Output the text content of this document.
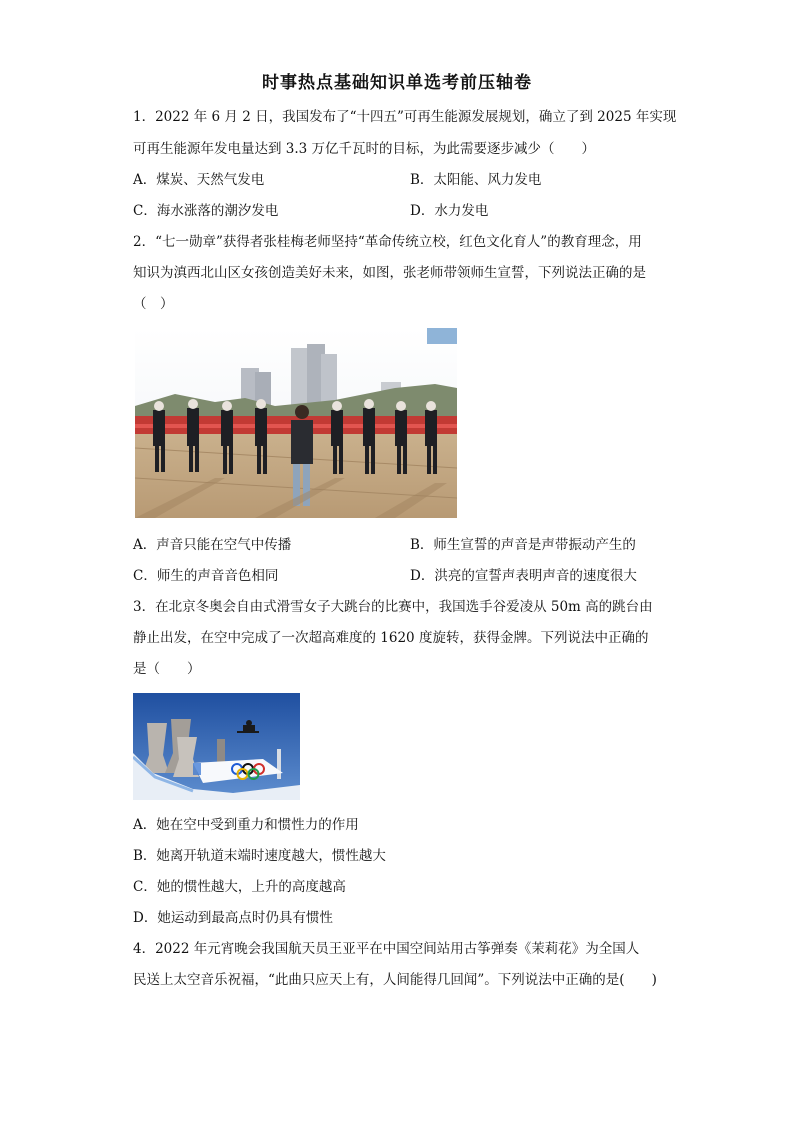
时事热点基础知识单选考前压轴卷
1．2022 年 6 月 2 日，我国发布了“十四五”可再生能源发展规划，确立了到 2025 年实现
可再生能源年发电量达到 3.3 万亿千瓦时的目标，为此需要逐步减少（　　）
A．煤炭、天然气发电	B．太阳能、风力发电
C．海水涨落的潮汐发电	D．水力发电
2．“七一勋章”获得者张桂梅老师坚持“革命传统立校，红色文化育人”的教育理念，用
知识为滇西北山区女孩创造美好未来，如图，张老师带领师生宣誓，下列说法正确的是
（　）
A．声音只能在空气中传播	B．师生宣誓的声音是声带振动产生的
C．师生的声音音色相同	D．洪亮的宣誓声表明声音的速度很大
3．在北京冬奥会自由式滑雪女子大跳台的比赛中，我国选手谷爱凌从 50m 高的跳台由
静止出发，在空中完成了一次超高难度的 1620 度旋转，获得金牌。下列说法中正确的
是（　　）
A．她在空中受到重力和惯性力的作用
B．她离开轨道末端时速度越大，惯性越大
C．她的惯性越大，上升的高度越高
D．她运动到最高点时仍具有惯性
4．2022 年元宵晚会我国航天员王亚平在中国空间站用古筝弹奏《茉莉花》为全国人
民送上太空音乐祝福，“此曲只应天上有，人间能得几回闻”。下列说法中正确的是(　　)
